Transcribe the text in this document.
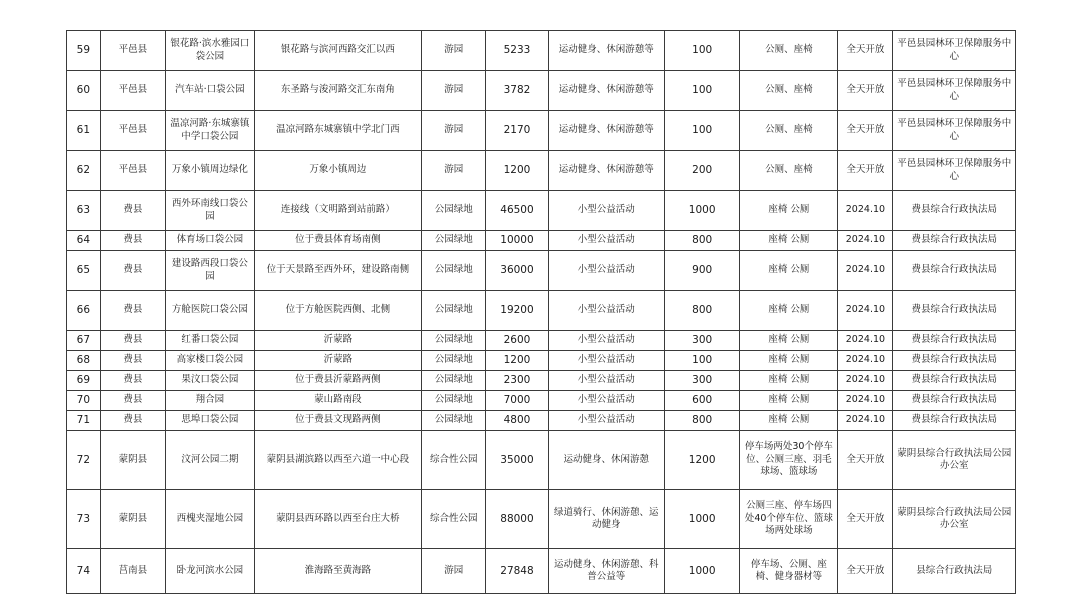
59	平邑县	银花路·滨水雅园口袋公园	银花路与滨河西路交汇以西	游园	5233	运动健身、休闲游憩等	100	公厕、座椅	全天开放	平邑县园林环卫保障服务中心
60	平邑县	汽车站·口袋公园	东圣路与浚河路交汇东南角	游园	3782	运动健身、休闲游憩等	100	公厕、座椅	全天开放	平邑县园林环卫保障服务中心
61	平邑县	温凉河路·东城寨镇中学口袋公园	温凉河路东城寨镇中学北门西	游园	2170	运动健身、休闲游憩等	100	公厕、座椅	全天开放	平邑县园林环卫保障服务中心
62	平邑县	万象小镇周边绿化	万象小镇周边	游园	1200	运动健身、休闲游憩等	200	公厕、座椅	全天开放	平邑县园林环卫保障服务中心
63	费县	西外环南线口袋公园	连接线（文明路到站前路）	公园绿地	46500	小型公益活动	1000	座椅 公厕	2024.10	费县综合行政执法局
64	费县	体育场口袋公园	位于费县体育场南侧	公园绿地	10000	小型公益活动	800	座椅 公厕	2024.10	费县综合行政执法局
65	费县	建设路西段口袋公园	位于天景路至西外环，建设路南侧	公园绿地	36000	小型公益活动	900	座椅 公厕	2024.10	费县综合行政执法局
66	费县	方舱医院口袋公园	位于方舱医院西侧、北侧	公园绿地	19200	小型公益活动	800	座椅 公厕	2024.10	费县综合行政执法局
67	费县	红番口袋公园	沂蒙路	公园绿地	2600	小型公益活动	300	座椅 公厕	2024.10	费县综合行政执法局
68	费县	高家楼口袋公园	沂蒙路	公园绿地	1200	小型公益活动	100	座椅 公厕	2024.10	费县综合行政执法局
69	费县	果汶口袋公园	位于费县沂蒙路两侧	公园绿地	2300	小型公益活动	300	座椅 公厕	2024.10	费县综合行政执法局
70	费县	翔合园	蒙山路南段	公园绿地	7000	小型公益活动	600	座椅 公厕	2024.10	费县综合行政执法局
71	费县	思埠口袋公园	位于费县文现路两侧	公园绿地	4800	小型公益活动	800	座椅 公厕	2024.10	费县综合行政执法局
72	蒙阴县	汶河公园二期	蒙阴县湖滨路以西至六道一中心段	综合性公园	35000	运动健身、休闲游憩	1200	停车场两处30个停车位、公厕三座、羽毛球场、篮球场	全天开放	蒙阴县综合行政执法局公园办公室
73	蒙阴县	西槐夹湿地公园	蒙阴县西环路以西至台庄大桥	综合性公园	88000	绿道骑行、休闲游憩、运动健身	1000	公厕三座、停车场四处40个停车位、篮球场两处球场	全天开放	蒙阴县综合行政执法局公园办公室
74	莒南县	卧龙河滨水公园	淮海路至黄海路	游园	27848	运动健身、休闲游憩、科普公益等	1000	停车场、公厕、座椅、健身器材等	全天开放	县综合行政执法局
